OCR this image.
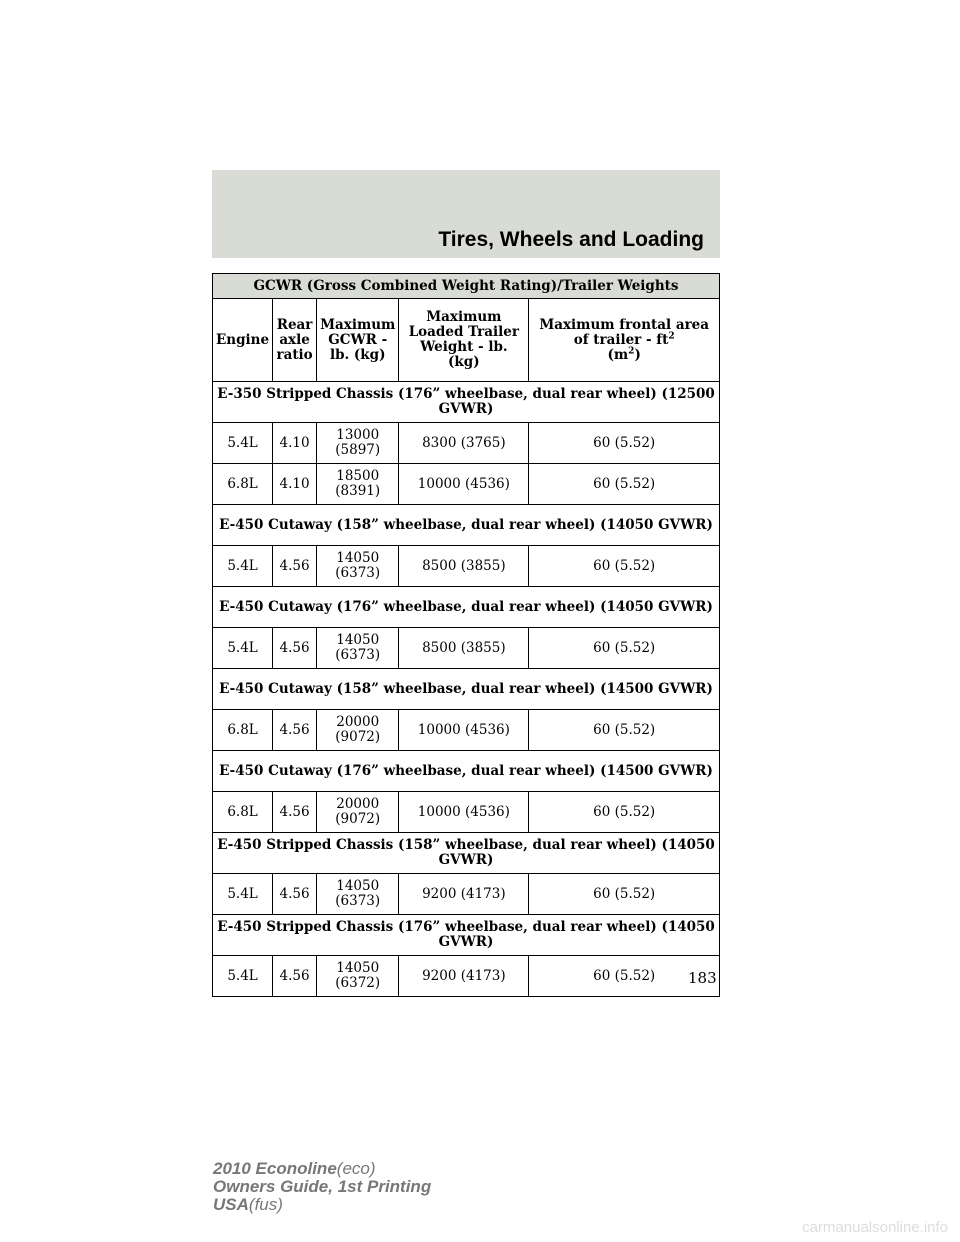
Tires, Wheels and Loading
GCWR (Gross Combined Weight Rating)/Trailer Weights				
Engine	Rear axle ratio	Maximum GCWR - lb. (kg)	Maximum Loaded Trailer Weight - lb. (kg)	Maximum frontal area of trailer - $ft^2$
$(m^2)$
E-350 Stripped Chassis (176” wheelbase, dual rear wheel) (12500 GVWR)				
5.4L	4.10	13000 (5897)	8300 (3765)	60 (5.52)
6.8L	4.10	18500 (8391)	10000 (4536)	60 (5.52)
E-450 Cutaway (158” wheelbase, dual rear wheel) (14050 GVWR)				
5.4L	4.56	14050 (6373)	8500 (3855)	60 (5.52)
E-450 Cutaway (176” wheelbase, dual rear wheel) (14050 GVWR)				
5.4L	4.56	14050 (6373)	8500 (3855)	60 (5.52)
E-450 Cutaway (158” wheelbase, dual rear wheel) (14500 GVWR)				
6.8L	4.56	20000 (9072)	10000 (4536)	60 (5.52)
E-450 Cutaway (176” wheelbase, dual rear wheel) (14500 GVWR)				
6.8L	4.56	20000 (9072)	10000 (4536)	60 (5.52)
E-450 Stripped Chassis (158” wheelbase, dual rear wheel) (14050 GVWR)				
5.4L	4.56	14050 (6373)	9200 (4173)	60 (5.52)
E-450 Stripped Chassis (176” wheelbase, dual rear wheel) (14050 GVWR)				
5.4L	4.56	14050 (6372)	9200 (4173)	60 (5.52) 183
2010 Econoline(eco)
Owners Guide, 1st Printing
USA(fus)
carmanualsonline.info
